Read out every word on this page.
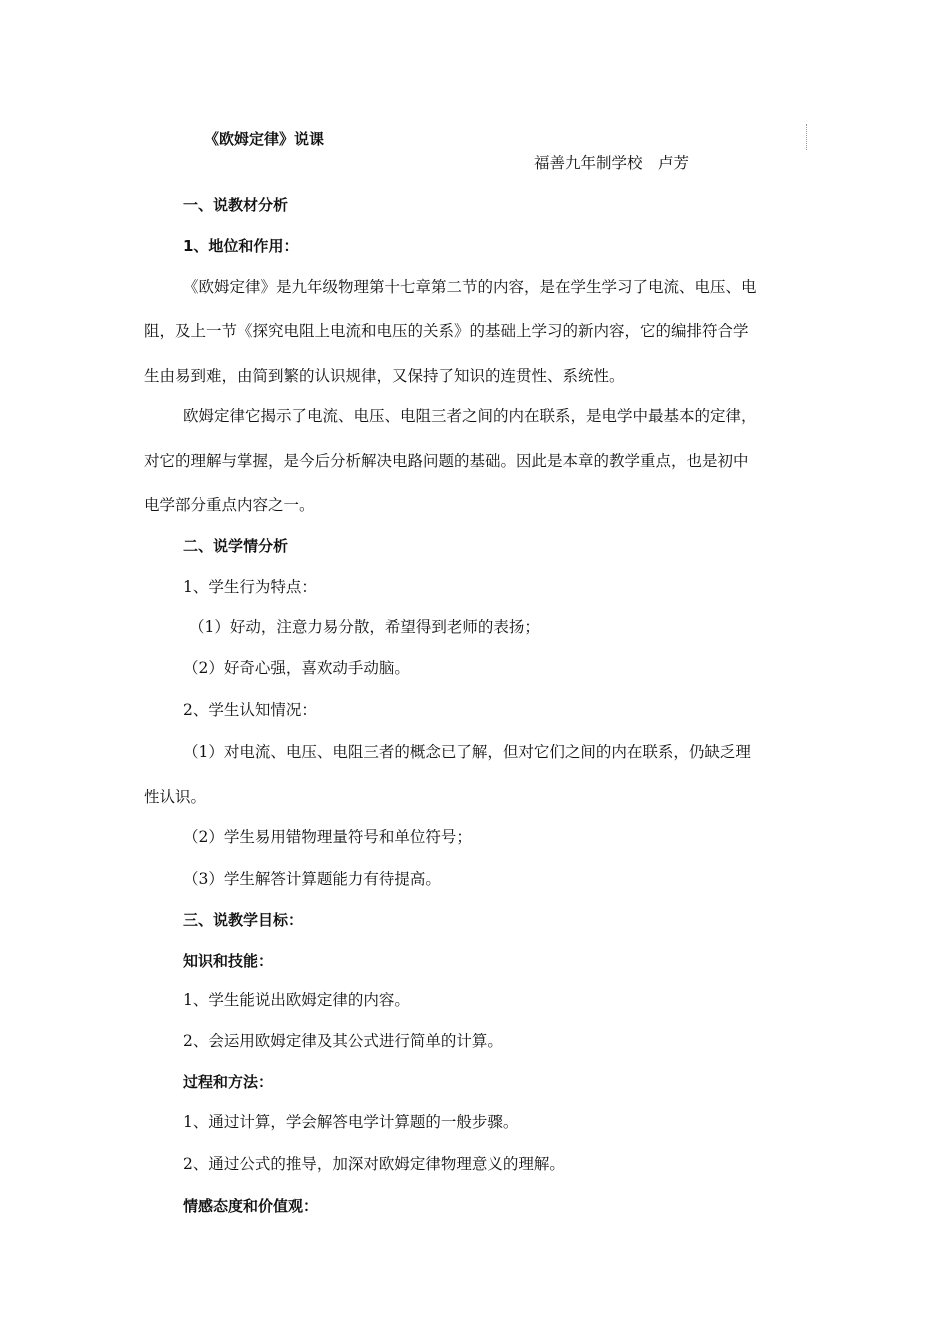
《欧姆定律》说课
福善九年制学校　卢芳
一、说教材分析
1、地位和作用：
《欧姆定律》是九年级物理第十七章第二节的内容，是在学生学习了电流、电压、电
阻，及上一节《探究电阻上电流和电压的关系》的基础上学习的新内容，它的编排符合学
生由易到难，由简到繁的认识规律，又保持了知识的连贯性、系统性。
欧姆定律它揭示了电流、电压、电阻三者之间的内在联系，是电学中最基本的定律，
对它的理解与掌握，是今后分析解决电路问题的基础。因此是本章的教学重点，也是初中
电学部分重点内容之一。
二、说学情分析
1、学生行为特点：
（1）好动，注意力易分散，希望得到老师的表扬；
（2）好奇心强，喜欢动手动脑。
2、学生认知情况：
（1）对电流、电压、电阻三者的概念已了解，但对它们之间的内在联系，仍缺乏理
性认识。
（2）学生易用错物理量符号和单位符号；
（3）学生解答计算题能力有待提高。
三、说教学目标：
知识和技能：
1、学生能说出欧姆定律的内容。
2、会运用欧姆定律及其公式进行简单的计算。
过程和方法：
1、通过计算，学会解答电学计算题的一般步骤。
2、通过公式的推导，加深对欧姆定律物理意义的理解。
情感态度和价值观：
